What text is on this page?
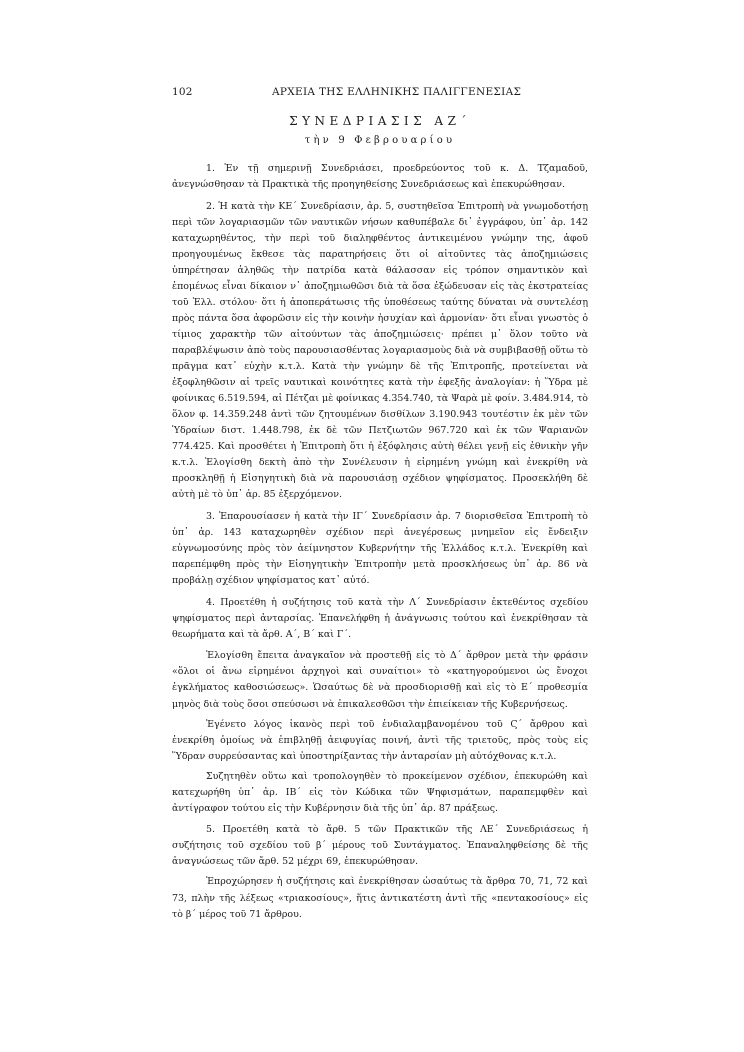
102	ΑΡΧΕΙΑ ΤΗΣ ΕΛΛΗΝΙΚΗΣ ΠΑΛΙΓΓΕΝΕΣΙΑΣ
ΣΥΝΕΔΡΙΑΣΙΣ ΑΖ΄
τὴν 9 Φεβρουαρίου

1. Ἐν τῇ σημερινῇ Συνεδριάσει, προεδρεύοντος τοῦ κ. Δ. Τζαμαδοῦ, ἀνεγνώσθησαν τὰ Πρακτικὰ τῆς προηγηθείσης Συνεδριάσεως καὶ ἐπεκυρώθησαν.

2. Ἡ κατὰ τὴν ΚΕ΄ Συνεδρίασιν, ἀρ. 5, συστηθεῖσα Ἐπιτροπὴ νὰ γνωμοδοτήσῃ περὶ τῶν λογαριασμῶν τῶν ναυτικῶν νήσων καθυπέβαλε δι᾽ ἐγγράφου, ὑπ᾽ ἀρ. 142 καταχωρηθέντος, τὴν περὶ τοῦ διαληφθέντος ἀντικειμένου γνώμην της, ἀφοῦ προηγουμένως ἔκθεσε τὰς παρατηρήσεις ὅτι οἱ αἰτοῦντες τὰς ἀποζημιώσεις ὑπηρέτησαν ἀληθῶς τὴν πατρίδα κατὰ θάλασσαν εἰς τρόπον σημαντικὸν καὶ ἑπομένως εἶναι δίκαιον ν᾽ ἀποζημιωθῶσι διὰ τὰ ὅσα ἐξώδευσαν εἰς τὰς ἐκστρατείας τοῦ Ἑλλ. στόλου· ὅτι ἡ ἀποπεράτωσις τῆς ὑποθέσεως ταύτης δύναται νὰ συντελέσῃ πρὸς πάντα ὅσα ἀφορῶσιν εἰς τὴν κοινὴν ἡσυχίαν καὶ ἁρμονίαν· ὅτι εἶναι γνωστὸς ὁ τίμιος χαρακτὴρ τῶν αἰτούντων τὰς ἀποζημιώσεις· πρέπει μ᾽ ὅλον τοῦτο νὰ παραβλέψωσιν ἀπὸ τοὺς παρουσιασθέντας λογαριασμοὺς διὰ νὰ συμβιβασθῇ οὕτω τὸ πρᾶγμα κατ᾽ εὐχὴν κ.τ.λ. Κατὰ τὴν γνώμην δὲ τῆς Ἐπιτροπῆς, προτείνεται νὰ ἐξοφληθῶσιν αἱ τρεῖς ναυτικαὶ κοινότητες κατὰ τὴν ἐφεξῆς ἀναλογίαν: ἡ Ὕδρα μὲ φοίνικας 6.519.594, αἱ Πέτζαι μὲ φοίνικας 4.354.740, τὰ Ψαρὰ μὲ φοίν. 3.484.914, τὸ ὅλον φ. 14.359.248 ἀντὶ τῶν ζητουμένων δισθίλων 3.190.943 τουτέστιν ἐκ μὲν τῶν Ὑδραίων διστ. 1.448.798, ἐκ δὲ τῶν Πετζιωτῶν 967.720 καὶ ἐκ τῶν Ψαριανῶν 774.425. Καὶ προσθέτει ἡ Ἐπιτροπὴ ὅτι ἡ ἐξόφλησις αὐτὴ θέλει γενῇ εἰς ἐθνικὴν γῆν κ.τ.λ. Ἐλογίσθη δεκτὴ ἀπὸ τὴν Συνέλευσιν ἡ εἰρημένη γνώμη καὶ ἐνεκρίθη νὰ προσκληθῇ ἡ Εἰσηγητικὴ διὰ νὰ παρουσιάσῃ σχέδιον ψηφίσματος. Προσεκλήθη δὲ αὐτὴ μὲ τὸ ὑπ᾽ ἀρ. 85 ἐξερχόμενον.

3. Ἐπαρουσίασεν ἡ κατὰ τὴν ΙΓ΄ Συνεδρίασιν ἀρ. 7 διορισθεῖσα Ἐπιτροπὴ τὸ ὑπ᾽ ἀρ. 143 καταχωρηθὲν σχέδιον περὶ ἀνεγέρσεως μνημεῖον εἰς ἔνδειξιν εὐγνωμοσύνης πρὸς τὸν ἀείμνηστον Κυβερνήτην τῆς Ἑλλάδος κ.τ.λ. Ἐνεκρίθη καὶ παρεπέμφθη πρὸς τὴν Εἰσηγητικὴν Ἐπιτροπὴν μετὰ προσκλήσεως ὑπ᾽ ἀρ. 86 νὰ προβάλῃ σχέδιον ψηφίσματος κατ᾽ αὐτό.

4. Προετέθη ἡ συζήτησις τοῦ κατὰ τὴν Λ΄ Συνεδρίασιν ἐκτεθέντος σχεδίου ψηφίσματος περὶ ἀνταρσίας. Ἐπανελήφθη ἡ ἀνάγνωσις τούτου καὶ ἐνεκρίθησαν τὰ θεωρήματα καὶ τὰ ἄρθ. Α΄, Β΄ καὶ Γ΄.

Ἐλογίσθη ἔπειτα ἀναγκαῖον νὰ προστεθῇ εἰς τὸ Δ΄ ἄρθρον μετὰ τὴν φράσιν «ὅλοι οἱ ἄνω εἰρημένοι ἀρχηγοὶ καὶ συναίτιοι» τὸ «κατηγορούμενοι ὡς ἔνοχοι ἐγκλήματος καθοσιώσεως». Ὡσαύτως δὲ νὰ προσδιορισθῇ καὶ εἰς τὸ Ε΄ προθεσμία μηνὸς διὰ τοὺς ὅσοι σπεύσωσι νὰ ἐπικαλεσθῶσι τὴν ἐπιείκειαν τῆς Κυβερνήσεως.

Ἐγένετο λόγος ἱκανὸς περὶ τοῦ ἐνδιαλαμβανομένου τοῦ Ϛ΄ ἄρθρου καὶ ἐνεκρίθη ὁμοίως νὰ ἐπιβληθῇ ἀειφυγίας ποινή, ἀντὶ τῆς τριετοῦς, πρὸς τοὺς εἰς Ὕδραν συρρεύσαντας καὶ ὑποστηρίξαντας τὴν ἀνταρσίαν μὴ αὐτόχθονας κ.τ.λ.

Συζητηθὲν οὕτω καὶ τροπολογηθὲν τὸ προκείμενον σχέδιον, ἐπεκυρώθη καὶ κατεχωρήθη ὑπ᾽ ἀρ. ΙΒ΄ εἰς τὸν Κώδικα τῶν Ψηφισμάτων, παραπεμφθὲν καὶ ἀντίγραφον τούτου εἰς τὴν Κυβέρνησιν διὰ τῆς ὑπ᾽ ἀρ. 87 πράξεως.

5. Προετέθη κατὰ τὸ ἄρθ. 5 τῶν Πρακτικῶν τῆς ΛΕ΄ Συνεδριάσεως ἡ συζήτησις τοῦ σχεδίου τοῦ β΄ μέρους τοῦ Συντάγματος. Ἐπαναληφθείσης δὲ τῆς ἀναγνώσεως τῶν ἄρθ. 52 μέχρι 69, ἐπεκυρώθησαν.

Ἐπροχώρησεν ἡ συζήτησις καὶ ἐνεκρίθησαν ὡσαύτως τὰ ἄρθρα 70, 71, 72 καὶ 73, πλὴν τῆς λέξεως «τριακοσίους», ἥτις ἀντικατέστη ἀντὶ τῆς «πεντακοσίους» εἰς τὸ β΄ μέρος τοῦ 71 ἄρθρου.
